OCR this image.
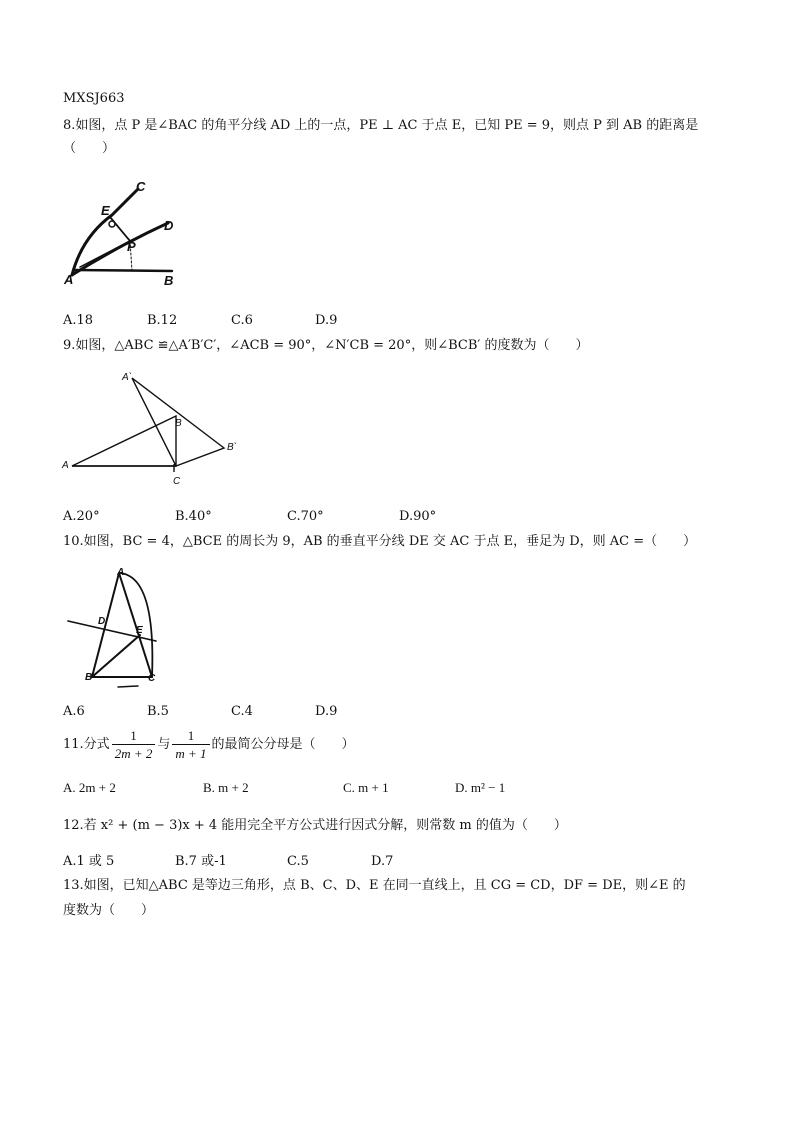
MXSJ663
8.如图，点 P 是∠BAC 的角平分线 AD 上的一点，PE ⊥ AC 于点 E，已知 PE = 9，则点 P 到 AB 的距离是
（　　）
C
E
D
P
A	B
A.18	B.12	C.6	D.9
9.如图，△ABC ≌△A′B′C′，∠ACB = 90°，∠N′CB = 20°，则∠BCB′ 的度数为（　　）
A`
B
B`
A
C
A.20°	B.40°	C.70°	D.90°
10.如图，BC = 4，△BCE 的周长为 9，AB 的垂直平分线 DE 交 AC 于点 E，垂足为 D，则 AC =（　　）
A
D
E
B	C
A.6	B.5	C.4	D.9
11.分式 $\frac{1}{2m + 2}$ 与 $\frac{1}{m + 1}$ 的最简公分母是（　　）
A. 2m + 2	B. m + 2	C. m + 1	D. m² − 1
12.若 x² + (m − 3)x + 4 能用完全平方公式进行因式分解，则常数 m 的值为（　　）
A.1 或 5	B.7 或-1	C.5	D.7
13.如图，已知△ABC 是等边三角形，点 B、C、D、E 在同一直线上，且 CG = CD，DF = DE，则∠E 的
度数为（　　）
